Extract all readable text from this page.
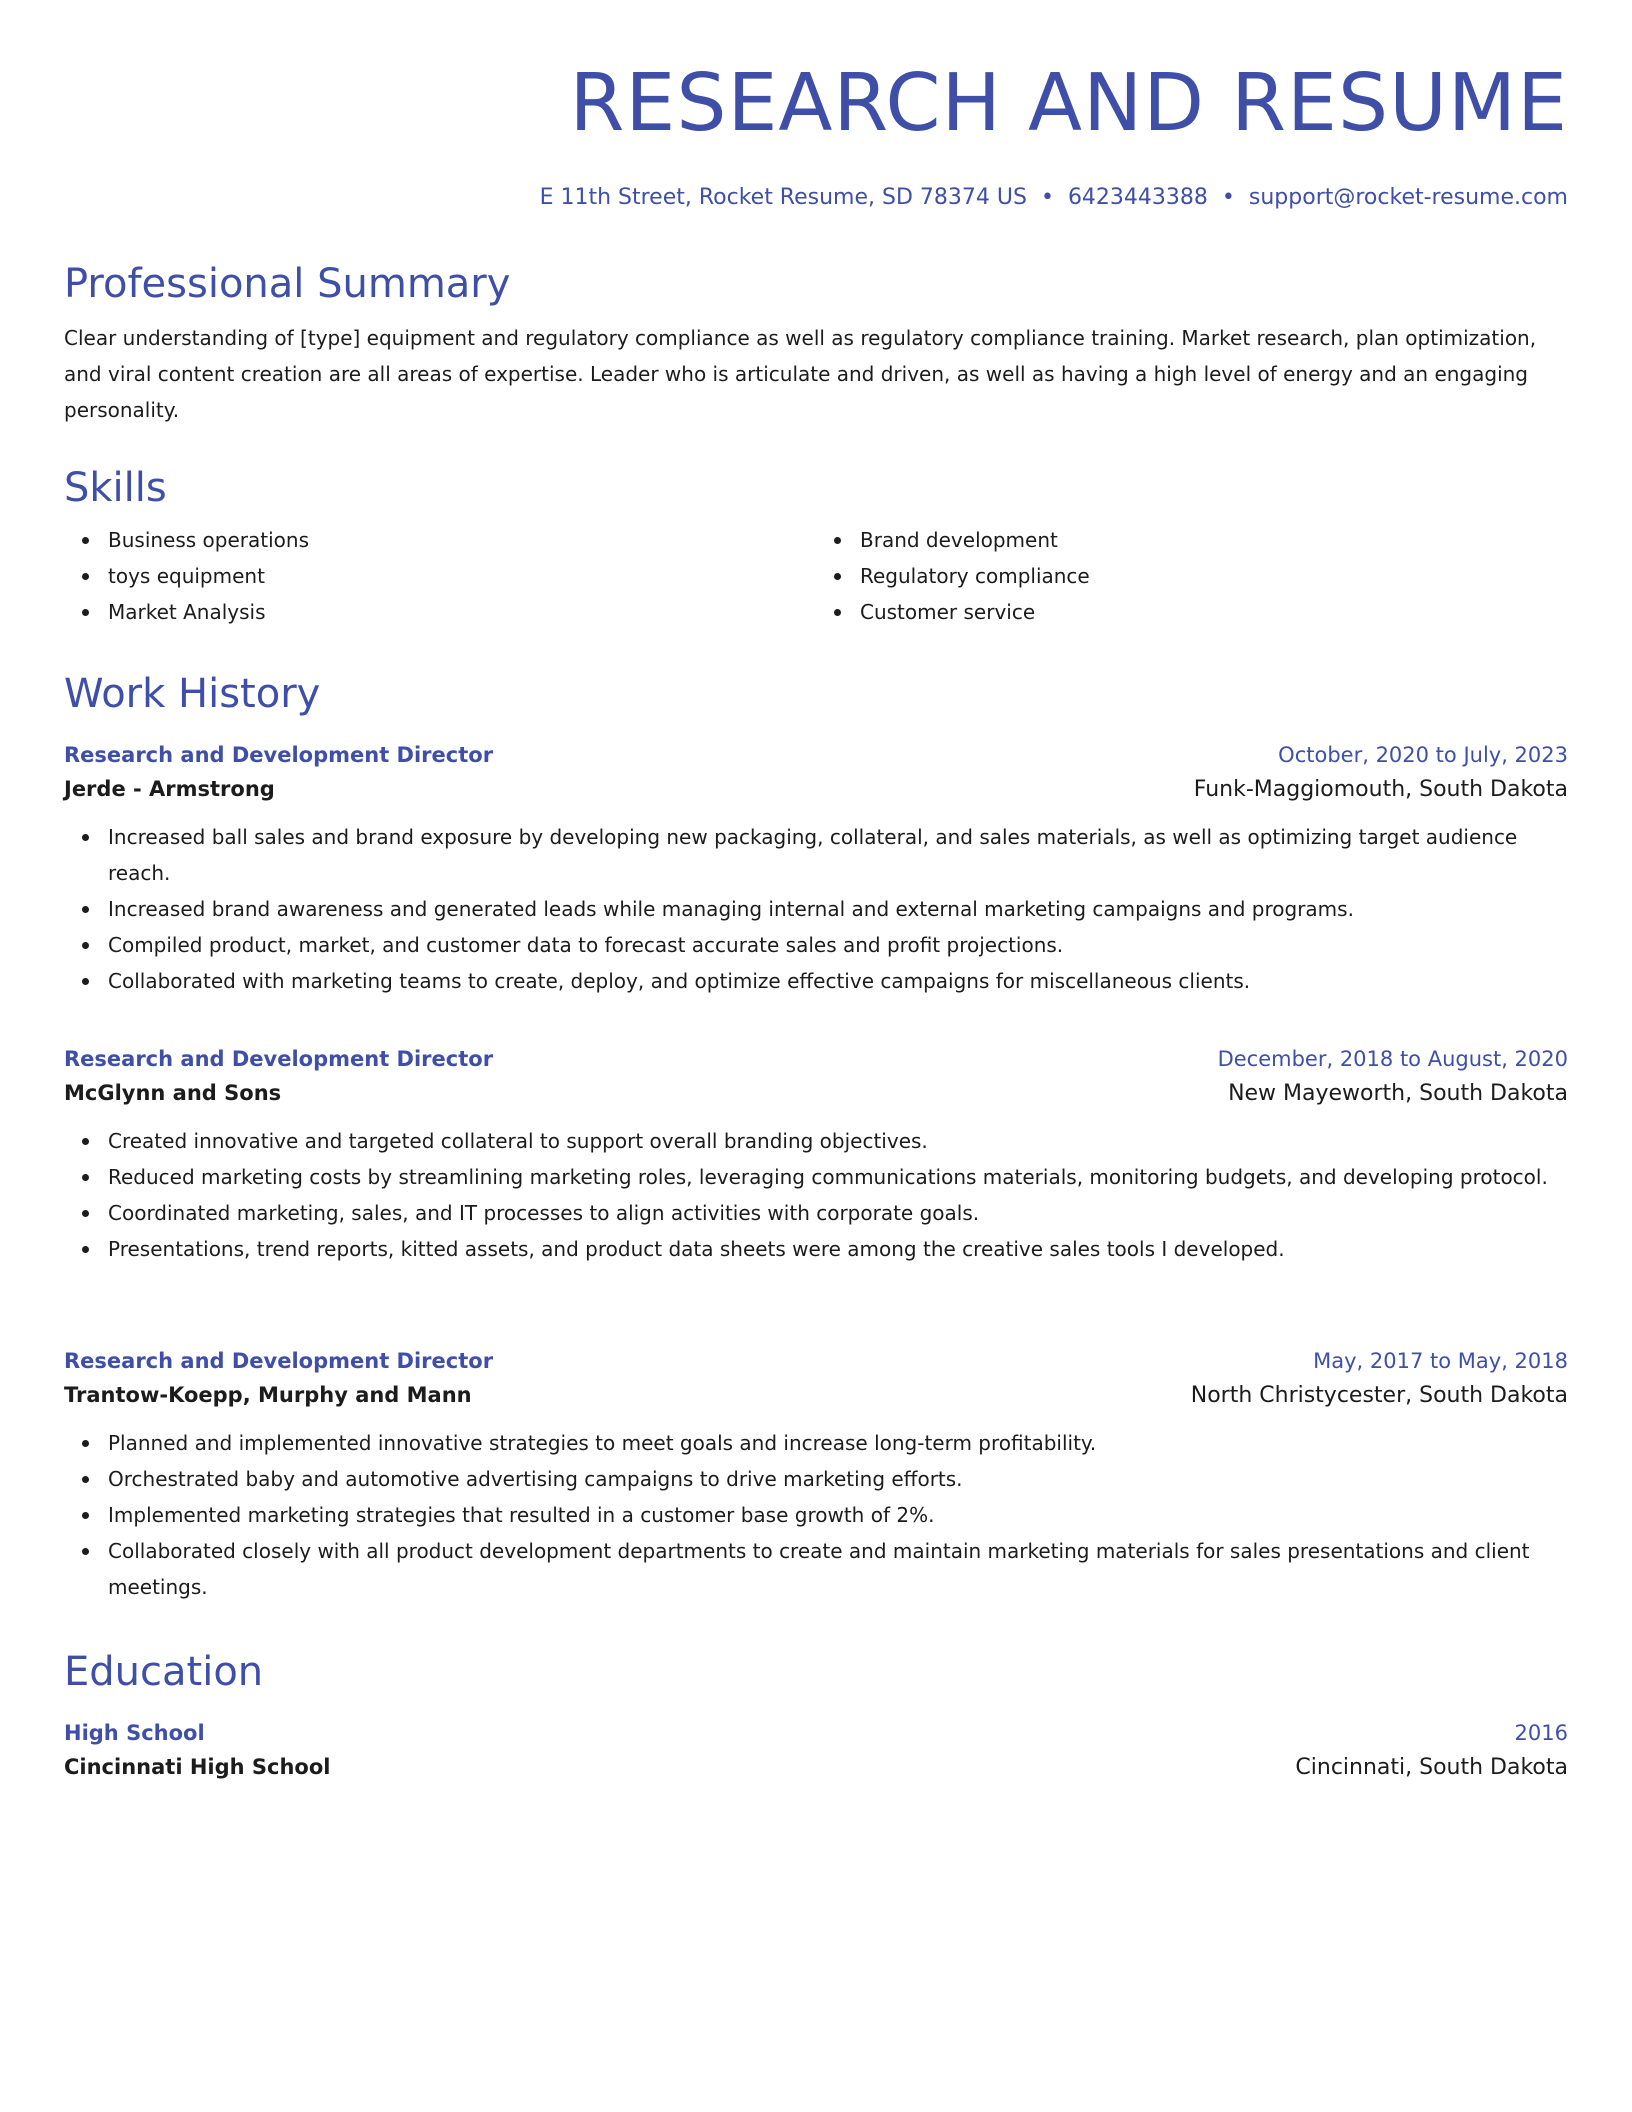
RESEARCH AND RESUME
E 11th Street, Rocket Resume, SD 78374 US • 6423443388 • support@rocket-resume.com
Professional Summary

Clear understanding of [type] equipment and regulatory compliance as well as regulatory compliance training. Market research, plan optimization, and viral content creation are all areas of expertise. Leader who is articulate and driven, as well as having a high level of energy and an engaging personality.

Skills
Business operations
toys equipment
Market Analysis
Brand development
Regulatory compliance
Customer service
Work History
Research and Development Director	October, 2020 to July, 2023
Jerde - Armstrong	Funk-Maggiomouth, South Dakota
Increased ball sales and brand exposure by developing new packaging, collateral, and sales materials, as well as optimizing target audience reach.
Increased brand awareness and generated leads while managing internal and external marketing campaigns and programs.
Compiled product, market, and customer data to forecast accurate sales and profit projections.
Collaborated with marketing teams to create, deploy, and optimize effective campaigns for miscellaneous clients.
Research and Development Director	December, 2018 to August, 2020
McGlynn and Sons	New Mayeworth, South Dakota
Created innovative and targeted collateral to support overall branding objectives.
Reduced marketing costs by streamlining marketing roles, leveraging communications materials, monitoring budgets, and developing protocol.
Coordinated marketing, sales, and IT processes to align activities with corporate goals.
Presentations, trend reports, kitted assets, and product data sheets were among the creative sales tools I developed.
Research and Development Director	May, 2017 to May, 2018
Trantow-Koepp, Murphy and Mann	North Christycester, South Dakota
Planned and implemented innovative strategies to meet goals and increase long-term profitability.
Orchestrated baby and automotive advertising campaigns to drive marketing efforts.
Implemented marketing strategies that resulted in a customer base growth of 2%.
Collaborated closely with all product development departments to create and maintain marketing materials for sales presentations and client meetings.
Education
High School	2016
Cincinnati High School	Cincinnati, South Dakota
